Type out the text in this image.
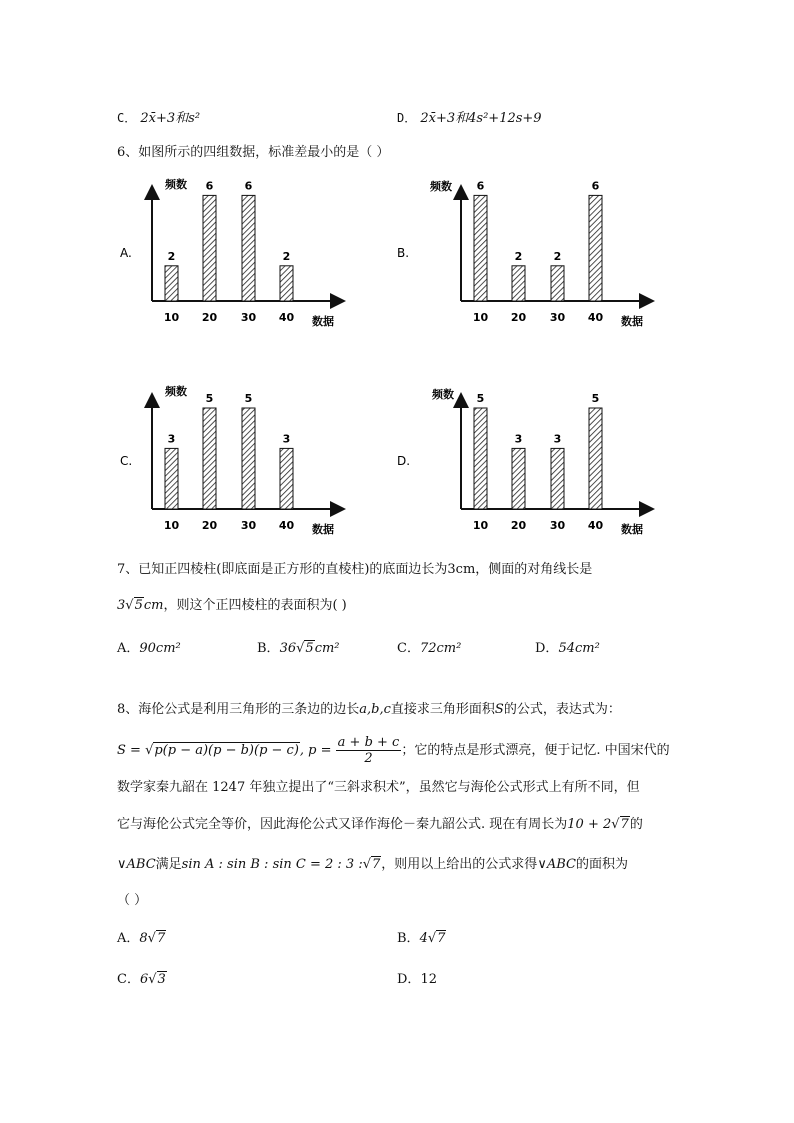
C． 2x̄+3和s²	D． 2x̄+3和4s²+12s+9
6、如图所示的四组数据，标准差最小的是（ ）
A.
频数
数据
2
10
6
20
6
30
2
40
B.
频数
数据
6
10
2
20
2
30
6
40
C.
频数
数据
3
10
5
20
5
30
3
40
D.
频数
数据
5
10
3
20
3
30
5
40
7、已知正四棱柱(即底面是正方形的直棱柱)的底面边长为3cm，侧面的对角线长是
3√5cm，则这个正四棱柱的表面积为( )
A．90cm²	B．36√5cm²	C．72cm²	D．54cm²
8、海伦公式是利用三角形的三条边的边长a,b,c直接求三角形面积S的公式，表达式为：
S = √p(p − a)(p − b)(p − c), $p = \frac{a + b + c}{2}$ ；它的特点是形式漂亮，便于记忆. 中国宋代的
数学家秦九韶在 1247 年独立提出了“三斜求积术”，虽然它与海伦公式形式上有所不同，但
它与海伦公式完全等价，因此海伦公式又译作海伦－秦九韶公式. 现在有周长为10 + 2√7的
∨ABC满足sin A : sin B : sin C = 2 : 3 :√7，则用以上给出的公式求得∨ABC的面积为
（ ）
A．8√7	B．4√7
C．6√3	D．12
